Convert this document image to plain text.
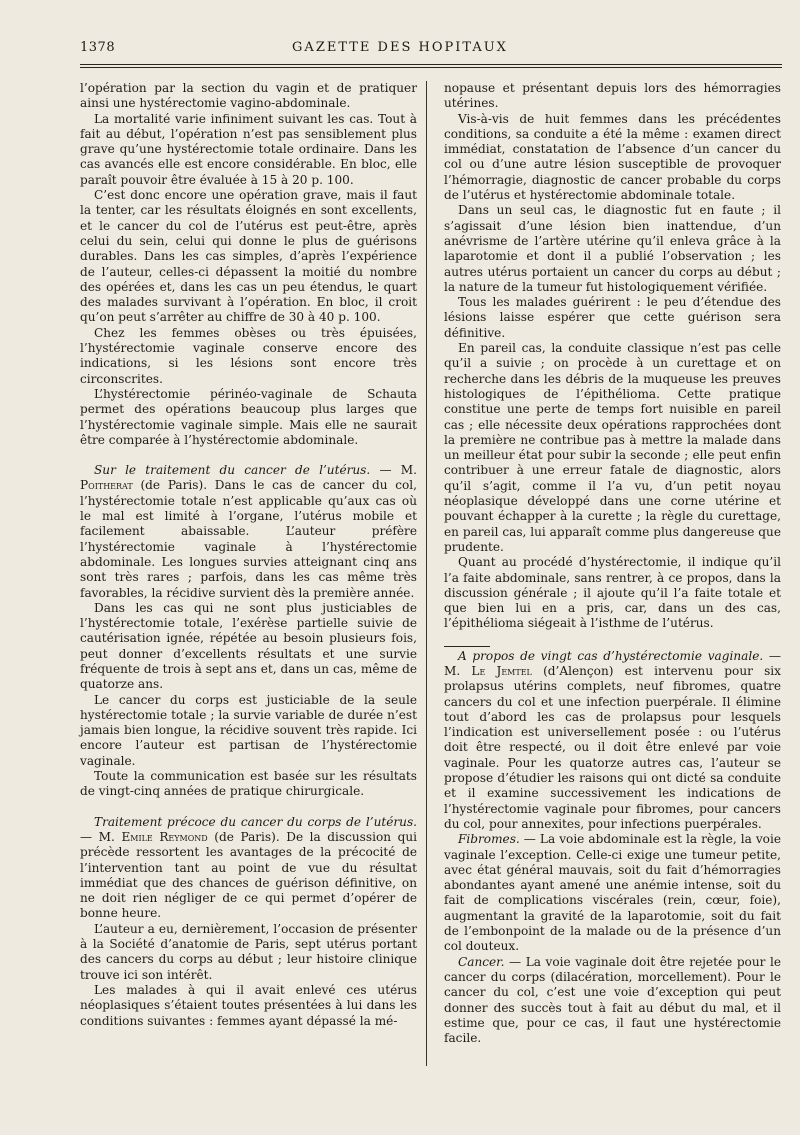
1378	GAZETTE DES HOPITAUX

l’opération par la section du vagin et de pratiquer ainsi une hystérectomie vagino-abdominale.

La mortalité varie infiniment suivant les cas. Tout à fait au début, l’opération n’est pas sensiblement plus grave qu’une hystérectomie totale ordinaire. Dans les cas avancés elle est encore considérable. En bloc, elle paraît pouvoir être évaluée à 15 à 20 p. 100.

C’est donc encore une opération grave, mais il faut la tenter, car les résultats éloignés en sont excellents, et le cancer du col de l’utérus est peut-être, après celui du sein, celui qui donne le plus de guérisons durables. Dans les cas simples, d’après l’expérience de l’auteur, celles-ci dépassent la moitié du nombre des opérées et, dans les cas un peu étendus, le quart des malades survivant à l’opération. En bloc, il croit qu’on peut s’arrêter au chiffre de 30 à 40 p. 100.

Chez les femmes obèses ou très épuisées, l’hystérectomie vaginale conserve encore des indications, si les lésions sont encore très circonscrites.

L’hystérectomie périnéo-vaginale de Schauta permet des opérations beaucoup plus larges que l’hystérectomie vaginale simple. Mais elle ne saurait être comparée à l’hystérectomie abdominale.

Sur le traitement du cancer de l’utérus. — M. Poitherat (de Paris). Dans le cas de cancer du col, l’hystérectomie totale n’est applicable qu’aux cas où le mal est limité à l’organe, l’utérus mobile et facilement abaissable. L’auteur préfère l’hystérectomie vaginale à l’hystérectomie abdominale. Les longues survies atteignant cinq ans sont très rares ; parfois, dans les cas même très favorables, la récidive survient dès la première année.

Dans les cas qui ne sont plus justiciables de l’hystérectomie totale, l’exérèse partielle suivie de cautérisation ignée, répétée au besoin plusieurs fois, peut donner d’excellents résultats et une survie fréquente de trois à sept ans et, dans un cas, même de quatorze ans.

Le cancer du corps est justiciable de la seule hystérectomie totale ; la survie variable de durée n’est jamais bien longue, la récidive souvent très rapide. Ici encore l’auteur est partisan de l’hystérectomie vaginale.

Toute la communication est basée sur les résultats de vingt-cinq années de pratique chirurgicale.

Traitement précoce du cancer du corps de l’utérus. — M. Emile Reymond (de Paris). De la discussion qui précède ressortent les avantages de la précocité de l’intervention tant au point de vue du résultat immédiat que des chances de guérison définitive, on ne doit rien négliger de ce qui permet d’opérer de bonne heure.

L’auteur a eu, dernièrement, l’occasion de présenter à la Société d’anatomie de Paris, sept utérus portant des cancers du corps au début ; leur histoire clinique trouve ici son intérêt.

Les malades à qui il avait enlevé ces utérus néoplasiques s’étaient toutes présentées à lui dans les conditions suivantes : femmes ayant dépassé la mé-

nopause et présentant depuis lors des hémorragies utérines.

Vis-à-vis de huit femmes dans les précédentes conditions, sa conduite a été la même : examen direct immédiat, constatation de l’absence d’un cancer du col ou d’une autre lésion susceptible de provoquer l’hémorragie, diagnostic de cancer probable du corps de l’utérus et hystérectomie abdominale totale.

Dans un seul cas, le diagnostic fut en faute ; il s’agissait d’une lésion bien inattendue, d’un anévrisme de l’artère utérine qu’il enleva grâce à la laparotomie et dont il a publié l’observation ; les autres utérus portaient un cancer du corps au début ; la nature de la tumeur fut histologiquement vérifiée.

Tous les malades guérirent : le peu d’étendue des lésions laisse espérer que cette guérison sera définitive.

En pareil cas, la conduite classique n’est pas celle qu’il a suivie ; on procède à un curettage et on recherche dans les débris de la muqueuse les preuves histologiques de l’épithélioma. Cette pratique constitue une perte de temps fort nuisible en pareil cas ; elle nécessite deux opérations rapprochées dont la première ne contribue pas à mettre la malade dans un meilleur état pour subir la seconde ; elle peut enfin contribuer à une erreur fatale de diagnostic, alors qu’il s’agit, comme il l’a vu, d’un petit noyau néoplasique développé dans une corne utérine et pouvant échapper à la curette ; la règle du curettage, en pareil cas, lui apparaît comme plus dangereuse que prudente.

Quant au procédé d’hystérectomie, il indique qu’il l’a faite abdominale, sans rentrer, à ce propos, dans la discussion générale ; il ajoute qu’il l’a faite totale et que bien lui en a pris, car, dans un des cas, l’épithélioma siégeait à l’isthme de l’utérus.

A propos de vingt cas d’hystérectomie vaginale. — M. Le Jemtel (d’Alençon) est intervenu pour six prolapsus utérins complets, neuf fibromes, quatre cancers du col et une infection puerpérale. Il élimine tout d’abord les cas de prolapsus pour lesquels l’indication est universellement posée : ou l’utérus doit être respecté, ou il doit être enlevé par voie vaginale. Pour les quatorze autres cas, l’auteur se propose d’étudier les raisons qui ont dicté sa conduite et il examine successivement les indications de l’hystérectomie vaginale pour fibromes, pour cancers du col, pour annexites, pour infections puerpérales.

Fibromes. — La voie abdominale est la règle, la voie vaginale l’exception. Celle-ci exige une tumeur petite, avec état général mauvais, soit du fait d’hémorragies abondantes ayant amené une anémie intense, soit du fait de complications viscérales (rein, cœur, foie), augmentant la gravité de la laparotomie, soit du fait de l’embonpoint de la malade ou de la présence d’un col douteux.

Cancer. — La voie vaginale doit être rejetée pour le cancer du corps (dilacération, morcellement). Pour le cancer du col, c’est une voie d’exception qui peut donner des succès tout à fait au début du mal, et il estime que, pour ce cas, il faut une hystérectomie facile.
